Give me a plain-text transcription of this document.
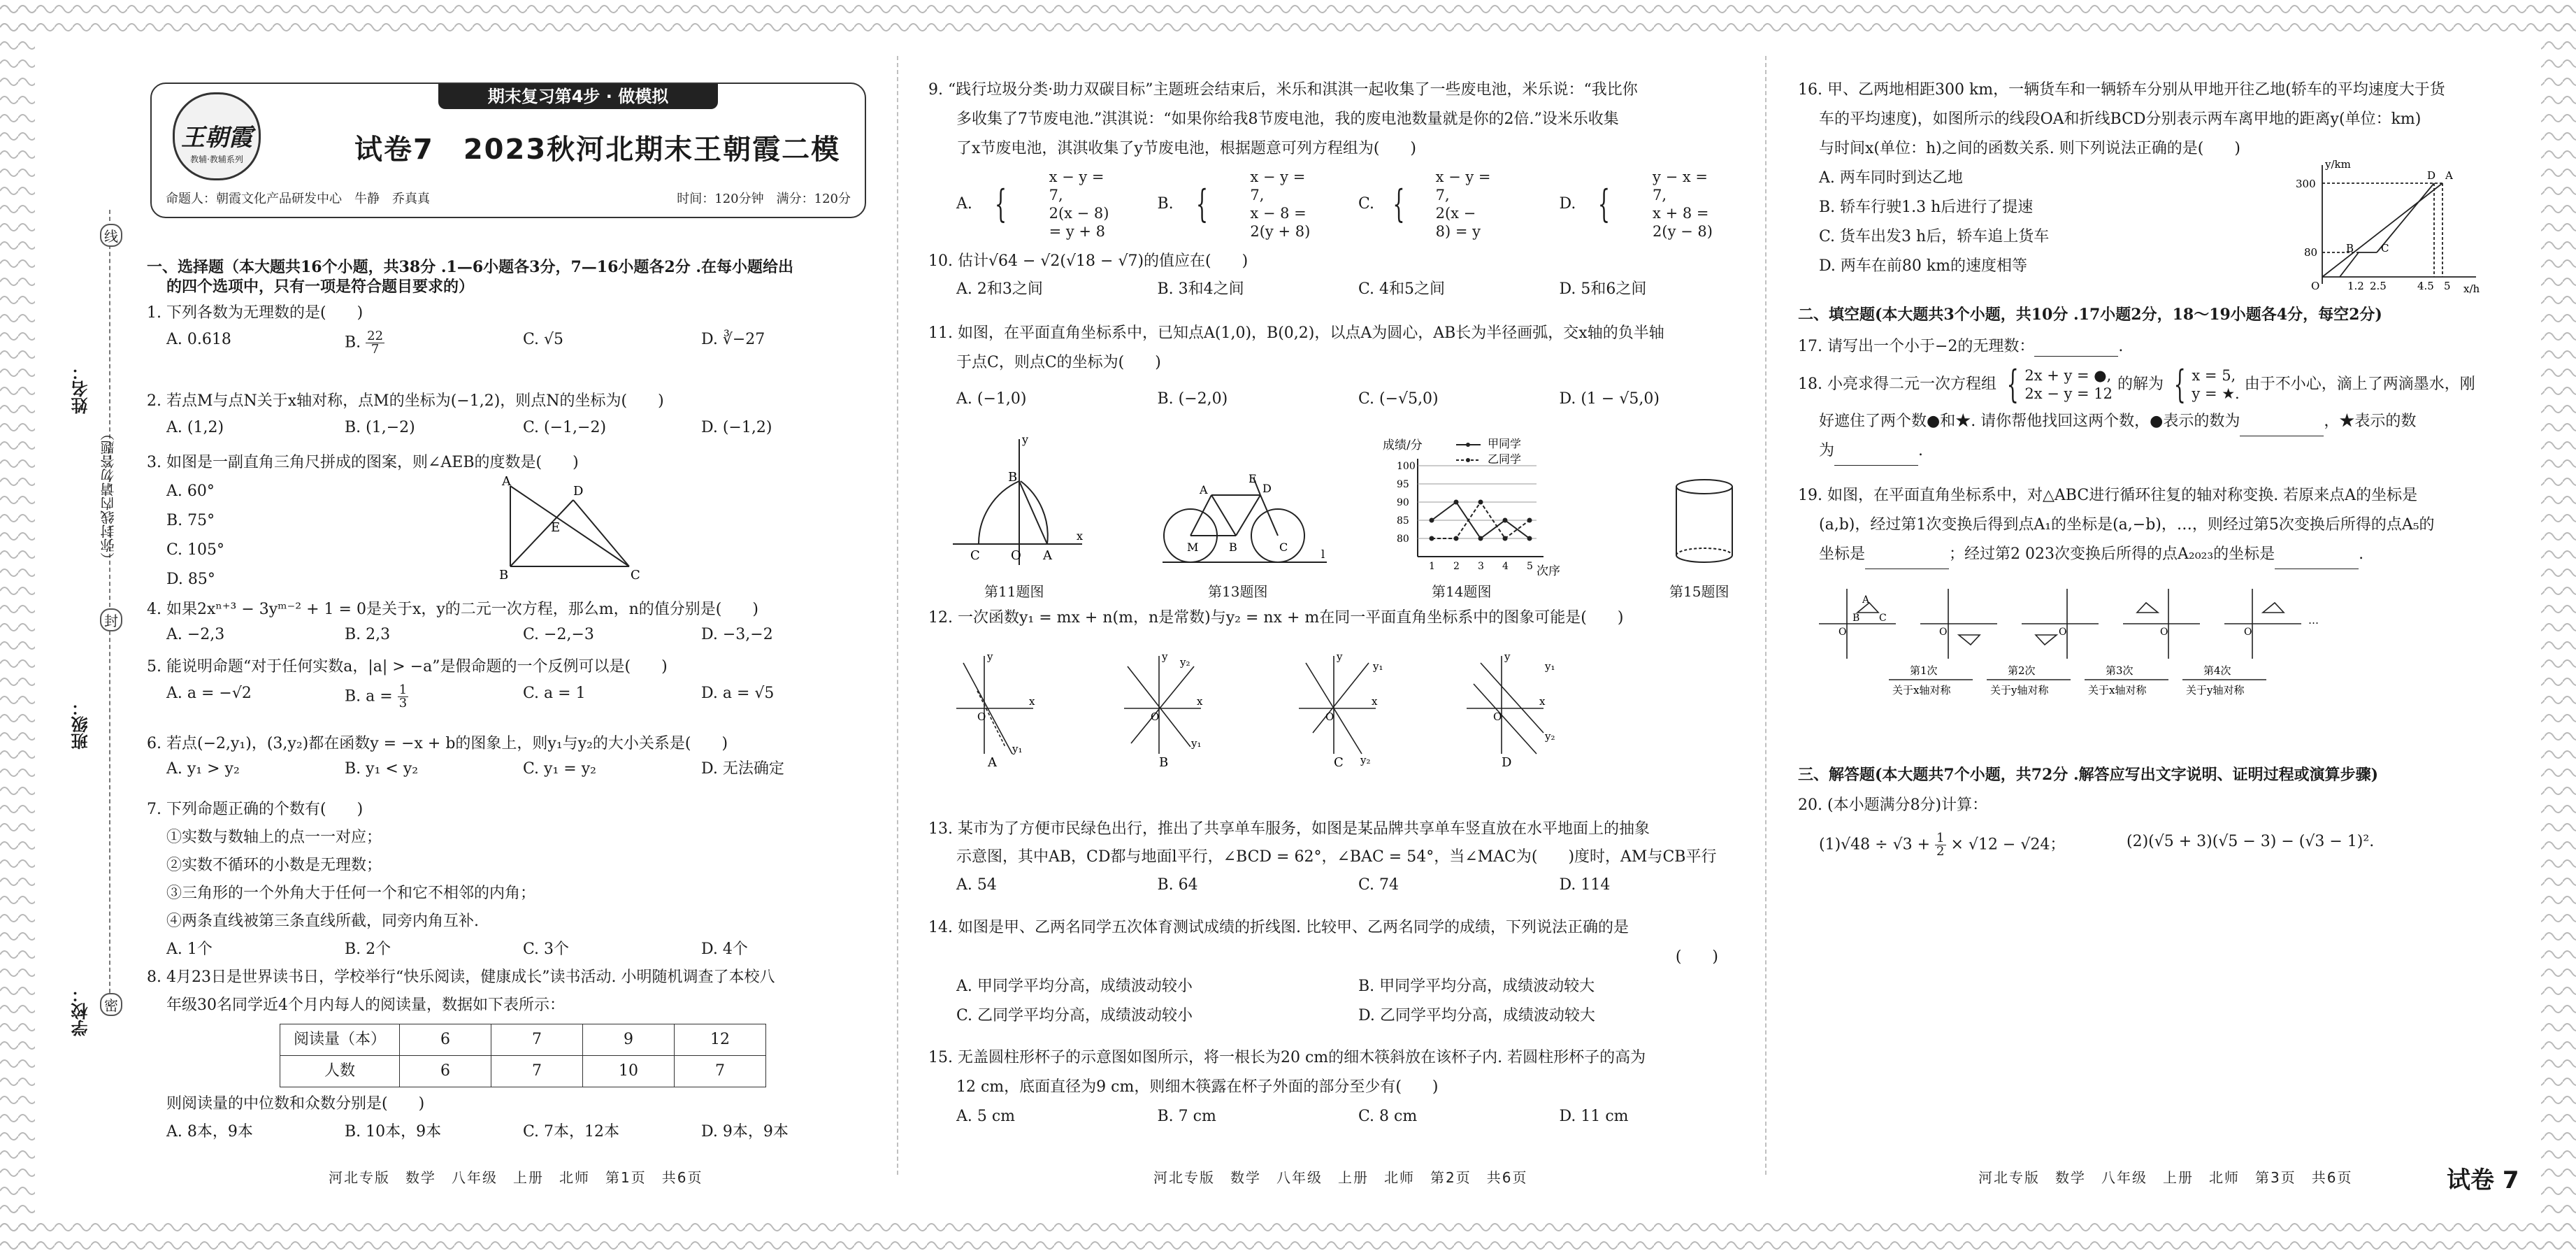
姓名：
班级：
学校：
（弥封线内请勿答题）
线
封
密
期末复习第4步 · 做模拟
王朝霞
教辅·教辅系列	试卷7　2023秋河北期末王朝霞二模
命题人：朝霞文化产品研发中心　牛静　乔真真	时间：120分钟　满分：120分
一、选择题（本大题共16个小题，共38分 .1—6小题各3分，7—16小题各2分 .在每小题给出
的四个选项中，只有一项是符合题目要求的）
1. 下列各数为无理数的是(　　)
A. 0.618	B. $\frac{22}{7}$	C. √5	D. ∛−27
2. 若点M与点N关于x轴对称，点M的坐标为(−1,2)，则点N的坐标为(　　)
A. (1,2)	B. (1,−2)	C. (−1,−2)	D. (−1,2)
3. 如图是一副直角三角尺拼成的图案，则∠AEB的度数是(　　)
A. 60°
B. 75°
C. 105°
D. 85°
A
D
E
B	C
4. 如果2xⁿ⁺³ − 3yᵐ⁻² + 1 = 0是关于x，y的二元一次方程，那么m，n的值分别是(　　)
A. −2,3	B. 2,3	C. −2,−3	D. −3,−2
5. 能说明命题“对于任何实数a，|a| > −a”是假命题的一个反例可以是(　　)
A. a = −√2	B. $a = \frac{1}{3}$	C. a = 1	D. a = √5
6. 若点(−2,y₁)，(3,y₂)都在函数y = −x + b的图象上，则y₁与y₂的大小关系是(　　)
A. y₁ > y₂	B. y₁ < y₂	C. y₁ = y₂	D. 无法确定
7. 下列命题正确的个数有(　　)
①实数与数轴上的点一一对应；
②实数不循环的小数是无理数；
③三角形的一个外角大于任何一个和它不相邻的内角；
④两条直线被第三条直线所截，同旁内角互补.
A. 1个	B. 2个	C. 3个	D. 4个
8. 4月23日是世界读书日，学校举行“快乐阅读，健康成长”读书活动. 小明随机调查了本校八
年级30名同学近4个月内每人的阅读量，数据如下表所示：
阅读量（本）	6	7	9	12
人数	6	7	10	7
则阅读量的中位数和众数分别是(　　)
A. 8本，9本	B. 10本，9本	C. 7本，12本	D. 9本，9本
9. “践行垃圾分类·助力双碳目标”主题班会结束后，米乐和淇淇一起收集了一些废电池，米乐说：“我比你
多收集了7节废电池.”淇淇说：“如果你给我8节废电池，我的废电池数量就是你的2倍.”设米乐收集
了x节废电池，淇淇收集了y节废电池，根据题意可列方程组为(　　)
A. {
x − y = 7,
2(x − 8) = y + 8
B. {
x − y = 7,
x − 8 = 2(y + 8)
C. {
x − y = 7,
2(x − 8) = y
D. {
y − x = 7,
x + 8 = 2(y − 8)
10. 估计√64 − √2(√18 − √7)的值应在(　　)
A. 2和3之间	B. 3和4之间	C. 4和5之间	D. 5和6之间
11. 如图，在平面直角坐标系中，已知点A(1,0)，B(0,2)，以点A为圆心，AB长为半径画弧，交x轴的负半轴
于点C，则点C的坐标为(　　)
A. (−1,0)	B. (−2,0)	C. (−√5,0)	D. (1 − √5,0)
B
C O A
y
x
第11题图
A	D
E
M	B	C
l
第13题图
成绩/分
次序
甲同学
乙同学
80
85
90
95
100
1 2 3 4 5
第14题图	第15题图
12. 一次函数y₁ = mx + n(m，n是常数)与y₂ = nx + m在同一平面直角坐标系中的图象可能是(　　)
y
x
O
y₁
y
x
O
y₁
y₂	y
x
O
y₂
y₁
y
x
O
y₂
y₁
A	B	C	D
13. 某市为了方便市民绿色出行，推出了共享单车服务，如图是某品牌共享单车竖直放在水平地面上的抽象
示意图，其中AB，CD都与地面l平行，∠BCD = 62°，∠BAC = 54°，当∠MAC为(　　)度时，AM与CB平行
A. 54	B. 64	C. 74	D. 114
14. 如图是甲、乙两名同学五次体育测试成绩的折线图. 比较甲、乙两名同学的成绩，下列说法正确的是
(　　)
A. 甲同学平均分高，成绩波动较小	B. 甲同学平均分高，成绩波动较大
C. 乙同学平均分高，成绩波动较小	D. 乙同学平均分高，成绩波动较大
15. 无盖圆柱形杯子的示意图如图所示，将一根长为20 cm的细木筷斜放在该杯子内. 若圆柱形杯子的高为
12 cm，底面直径为9 cm，则细木筷露在杯子外面的部分至少有(　　)
A. 5 cm	B. 7 cm	C. 8 cm	D. 11 cm
16. 甲、乙两地相距300 km，一辆货车和一辆轿车分别从甲地开往乙地(轿车的平均速度大于货
车的平均速度)，如图所示的线段OA和折线BCD分别表示两车离甲地的距离y(单位：km)
与时间x(单位：h)之间的函数关系. 则下列说法正确的是(　　)
A. 两车同时到达乙地
B. 轿车行驶1.3 h后进行了提速
C. 货车出发3 h后，轿车追上货车
D. 两车在前80 km的速度相等
y/km
x/h
300
80
O	1.2 2.5	4.5 5
A
B	C
D
二、填空题(本大题共3个小题，共10分 .17小题2分，18～19小题各4分，每空2分)
17. 请写出一个小于−2的无理数：	.
18. 小亮求得二元一次方程组 { 2x + y = ●,
2x − y = 12
的解为 { x = 5,
y = ★.
由于不小心，滴上了两滴墨水，刚
好遮住了两个数●和★. 请你帮他找回这两个数，●表示的数为	，★表示的数
为	.
19. 如图，在平面直角坐标系中，对△ABC进行循环往复的轴对称变换. 若原来点A的坐标是
(a,b)，经过第1次变换后得到点A₁的坐标是(a,−b)，…，则经过第5次变换后所得的点A₅的
坐标是	；经过第2 023次变换后所得的点A₂₀₂₃的坐标是	.
O	O	O	O	O
A
B C
第1次
关于x轴对称
第2次
关于y轴对称
第3次
关于x轴对称
第4次
关于y轴对称
…
三、解答题(本大题共7个小题，共72分 .解答应写出文字说明、证明过程或演算步骤)
20. (本小题满分8分)计算：
$(1)√48 \div √3 + \frac{1}{2} \times √12 - √24$；	(2)(√5 + 3)(√5 − 3) − (√3 − 1)².
河北专版　数学　八年级　上册　北师　第1页　共6页	河北专版　数学　八年级　上册　北师　第2页　共6页	河北专版　数学　八年级　上册　北师　第3页　共6页	试卷 7
